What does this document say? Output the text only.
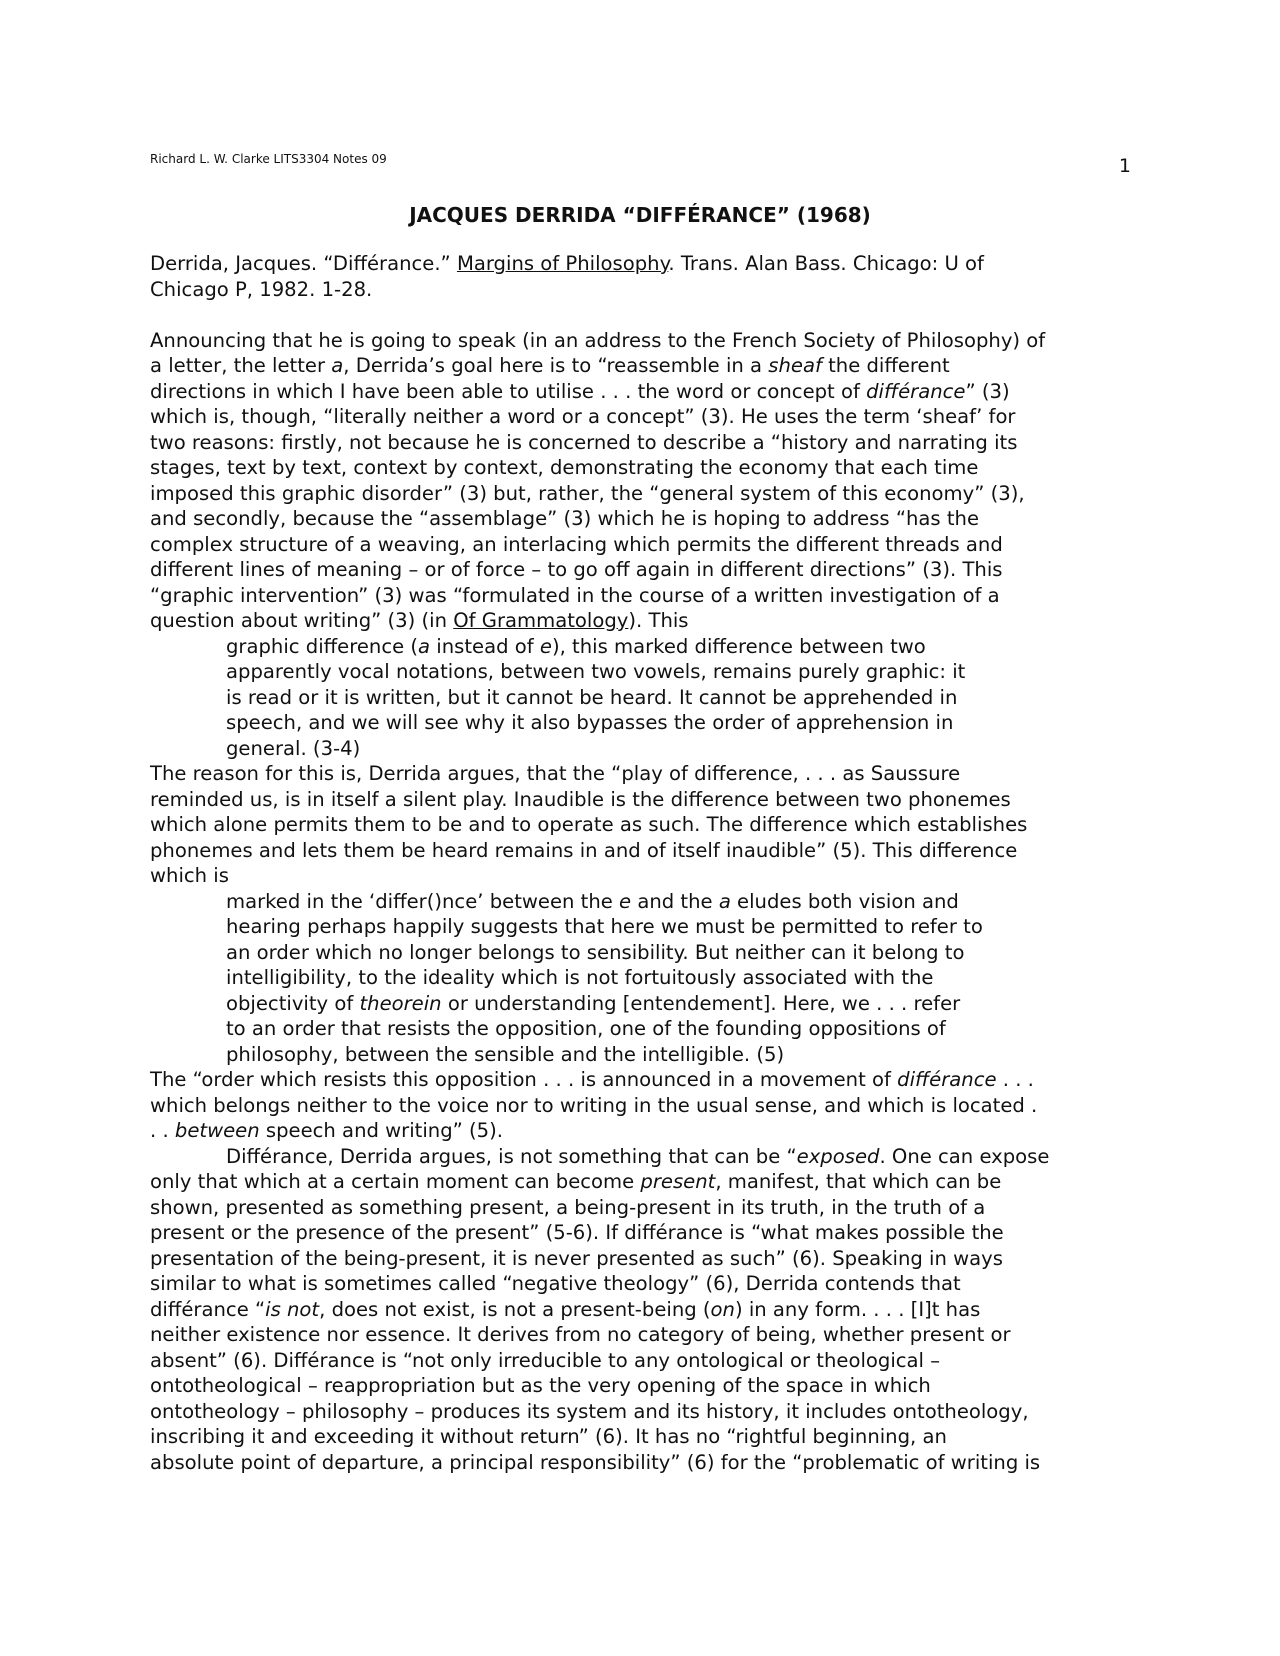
Richard L. W. Clarke LITS3304 Notes 09	1
JACQUES DERRIDA “DIFFÉRANCE” (1968)
Derrida, Jacques. “Différance.” Margins of Philosophy. Trans. Alan Bass. Chicago: U of
Chicago P, 1982. 1-28.
Announcing that he is going to speak (in an address to the French Society of Philosophy) of
a letter, the letter a, Derrida’s goal here is to “reassemble in a sheaf the different
directions in which I have been able to utilise . . . the word or concept of différance” (3)
which is, though, “literally neither a word or a concept” (3). He uses the term ‘sheaf’ for
two reasons: firstly, not because he is concerned to describe a “history and narrating its
stages, text by text, context by context, demonstrating the economy that each time
imposed this graphic disorder” (3) but, rather, the “general system of this economy” (3),
and secondly, because the “assemblage” (3) which he is hoping to address “has the
complex structure of a weaving, an interlacing which permits the different threads and
different lines of meaning – or of force – to go off again in different directions” (3). This
“graphic intervention” (3) was “formulated in the course of a written investigation of a
question about writing” (3) (in Of Grammatology). This
graphic difference (a instead of e), this marked difference between two
apparently vocal notations, between two vowels, remains purely graphic: it
is read or it is written, but it cannot be heard. It cannot be apprehended in
speech, and we will see why it also bypasses the order of apprehension in
general. (3-4)
The reason for this is, Derrida argues, that the “play of difference, . . . as Saussure
reminded us, is in itself a silent play. Inaudible is the difference between two phonemes
which alone permits them to be and to operate as such. The difference which establishes
phonemes and lets them be heard remains in and of itself inaudible” (5). This difference
which is
marked in the ‘differ()nce’ between the e and the a eludes both vision and
hearing perhaps happily suggests that here we must be permitted to refer to
an order which no longer belongs to sensibility. But neither can it belong to
intelligibility, to the ideality which is not fortuitously associated with the
objectivity of theorein or understanding [entendement]. Here, we . . . refer
to an order that resists the opposition, one of the founding oppositions of
philosophy, between the sensible and the intelligible. (5)
The “order which resists this opposition . . . is announced in a movement of différance . . .
which belongs neither to the voice nor to writing in the usual sense, and which is located .
. . between speech and writing” (5).
Différance, Derrida argues, is not something that can be “exposed. One can expose
only that which at a certain moment can become present, manifest, that which can be
shown, presented as something present, a being-present in its truth, in the truth of a
present or the presence of the present” (5-6). If différance is “what makes possible the
presentation of the being-present, it is never presented as such” (6). Speaking in ways
similar to what is sometimes called “negative theology” (6), Derrida contends that
différance “is not, does not exist, is not a present-being (on) in any form. . . . [I]t has
neither existence nor essence. It derives from no category of being, whether present or
absent” (6). Différance is “not only irreducible to any ontological or theological –
ontotheological – reappropriation but as the very opening of the space in which
ontotheology – philosophy – produces its system and its history, it includes ontotheology,
inscribing it and exceeding it without return” (6). It has no “rightful beginning, an
absolute point of departure, a principal responsibility” (6) for the “problematic of writing is
